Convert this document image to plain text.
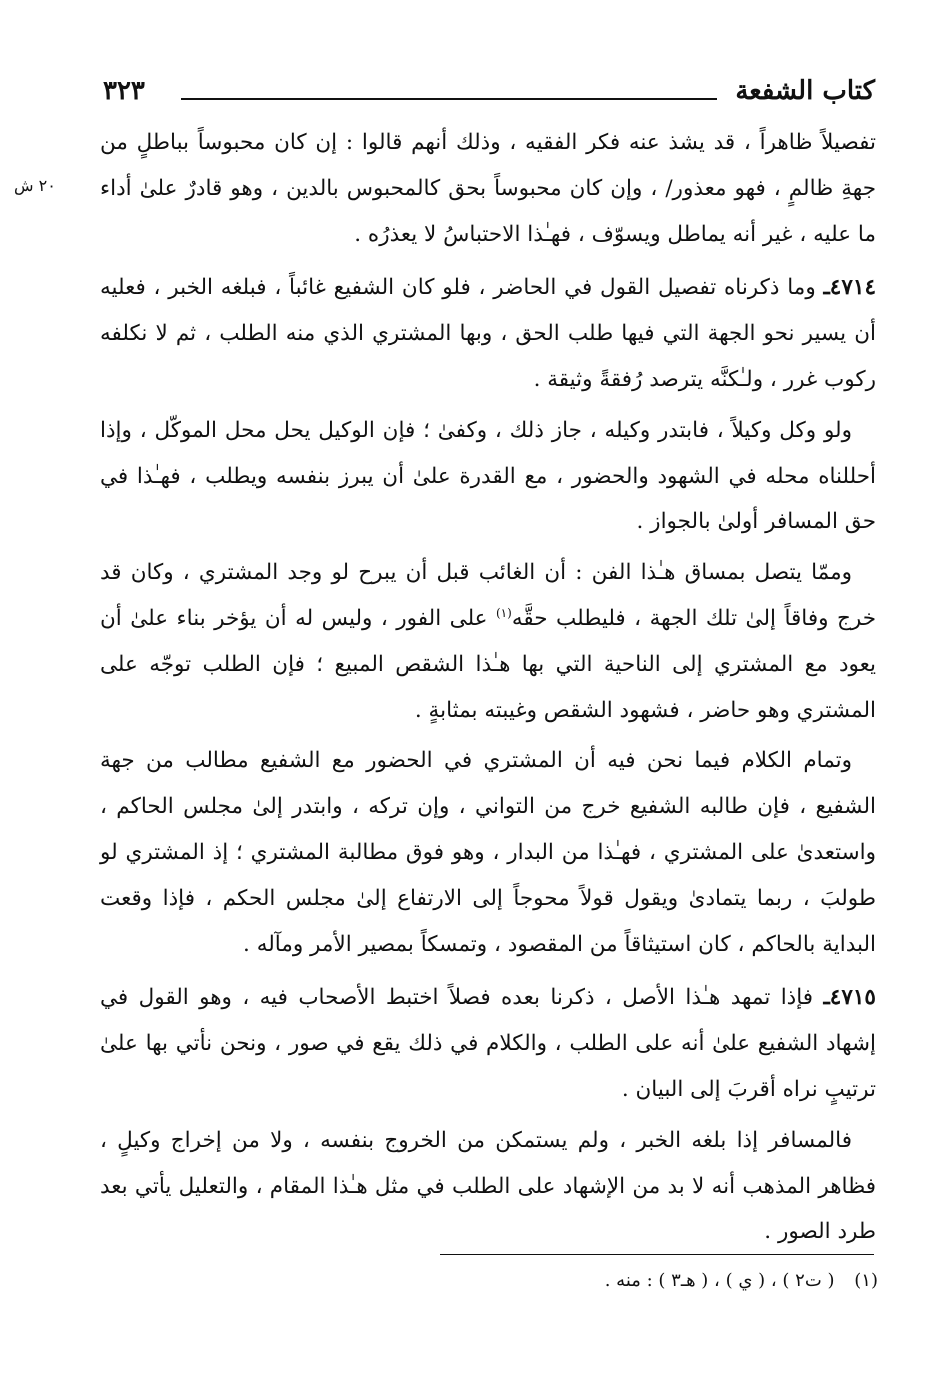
كتاب الشفعة
٣٢٣
٢٠ ش

تفصيلاً ظاهراً ، قد يشذ عنه فكر الفقيه ، وذلك أنهم قالوا : إن كان محبوساً بباطلٍ من جهةِ ظالمٍ ، فهو معذور/ ، وإن كان محبوساً بحق كالمحبوس بالدين ، وهو قادرٌ علىٰ أداء ما عليه ، غير أنه يماطل ويسوّف ، فهـٰذا الاحتباسُ لا يعذرُه .

٤٧١٤ـ وما ذكرناه تفصيل القول في الحاضر ، فلو كان الشفيع غائباً ، فبلغه الخبر ، فعليه أن يسير نحو الجهة التي فيها طلب الحق ، وبها المشتري الذي منه الطلب ، ثم لا نكلفه ركوب غرر ، ولـٰكنَّه يترصد رُفقةً وثيقة .

ولو وكل وكيلاً ، فابتدر وكيله ، جاز ذلك ، وكفىٰ ؛ فإن الوكيل يحل محل الموكّل ، وإذا أحللناه محله في الشهود والحضور ، مع القدرة علىٰ أن يبرز بنفسه ويطلب ، فهـٰذا في حق المسافر أولىٰ بالجواز .

وممّا يتصل بمساق هـٰذا الفن : أن الغائب قبل أن يبرح لو وجد المشتري ، وكان قد خرج وفاقاً إلىٰ تلك الجهة ، فليطلب حقَّه$^{(١)}$ على الفور ، وليس له أن يؤخر بناء علىٰ أن يعود مع المشتري إلى الناحية التي بها هـٰذا الشقص المبيع ؛ فإن الطلب توجّه على المشتري وهو حاضر ، فشهود الشقص وغيبته بمثابةٍ .

وتمام الكلام فيما نحن فيه أن المشتري في الحضور مع الشفيع مطالب من جهة الشفيع ، فإن طالبه الشفيع خرج من التواني ، وإن تركه ، وابتدر إلىٰ مجلس الحاكم ، واستعدىٰ على المشتري ، فهـٰذا من البدار ، وهو فوق مطالبة المشتري ؛ إذ المشتري لو طولبَ ، ربما يتمادىٰ ويقول قولاً محوجاً إلى الارتفاع إلىٰ مجلس الحكم ، فإذا وقعت البداية بالحاكم ، كان استيثاقاً من المقصود ، وتمسكاً بمصير الأمر ومآله .

٤٧١٥ـ فإذا تمهد هـٰذا الأصل ، ذكرنا بعده فصلاً اختبط الأصحاب فيه ، وهو القول في إشهاد الشفيع علىٰ أنه على الطلب ، والكلام في ذلك يقع في صور ، ونحن نأتي بها علىٰ ترتيبٍ نراه أقربَ إلى البيان .

فالمسافر إذا بلغه الخبر ، ولم يستمكن من الخروج بنفسه ، ولا من إخراج وكيلٍ ، فظاهر المذهب أنه لا بد من الإشهاد على الطلب في مثل هـٰذا المقام ، والتعليل يأتي بعد طرد الصور .

(١) ( ت٢ ) ، ( ي ) ، ( هـ٣ ) : منه .
